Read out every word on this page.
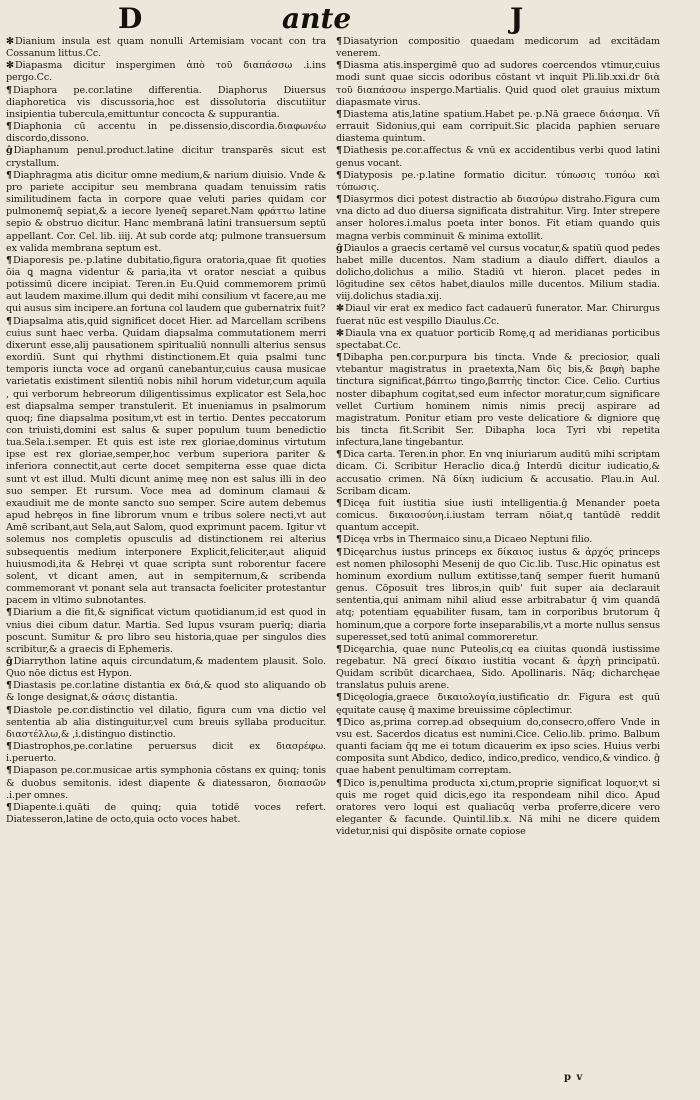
D	ante	J

✻Dianium insula est quam nonulli Artemisiam vocant con tra Cossanum littus.Cc.

✻Diapasma dicitur inspergimen ἀπὸ τοῦ διαπάσσω .i.ins pergo.Cc.

¶Diaphora pe.cor.latine differentia. Diaphorus Diuersus diaphoretica vis discussoria,hoc est dissolutoria discutiitur insipientia tubercula,emittuntur concocta & suppurantia.

¶Diaphonia cū accentu in pe.dissensio,discordia.διαφωνέω discordo,dissono.

ĝDiaphanum penul.product.latine dicitur transparēs sicut est crystallum.

¶Diaphragma atis dicitur omne medium,& narium diuisio. Vnde & pro pariete accipitur seu membrana quadam tenuissim ratis similitudinem facta in corpore quae veluti paries quidam cor pulmonemq̄ sepiat,& a iecore lyeneq̄ separet.Nam φράττω latine sepio & obstruo dicitur. Hanc membranā latini transuersum septū appellant. Cor. Cel. lib. iiij. At sub corde atq; pulmone transuersum ex valida membrana septum est.

¶Diaporesis pe.·p.latine dubitatio,figura oratoria,quae fit quoties ōia ꝗ magna videntur & paria,ita vt orator nesciat a quibus potissimū dicere incipiat. Teren.in Eu.Quid commemorem primū aut laudem maxime.illum qui dedit mihi consilium vt facere,au me qui ausus sim incipere.an fortuna col laudem que gubernatrix fuit?

¶Diapsalma atis,quid significet docet Hier. ad Marcellam scribens cuius sunt haec verba. Quidam diapsalma commutationem merri dixerunt esse,alij pausationem spiritualiū nonnulli alterius sensus exordiū. Sunt qui rhythmi distinctionem.Et quia psalmi tunc temporis iuncta voce ad organū canebantur,cuius causa musicae varietatis existiment silentiū nobis nihil horum videtur,cum aquila , qui verborum hebreorum diligentissimus explicator est Sela,hoc est diapsalma semper transtulerit. Et inueniamus in psalmorum quoq; fine diapsalma positum,vt est in tertio. Dentes peccatorum con triuisti,domini est salus & super populum tuum benedictio tua.Sela.i.semper. Et quis est iste rex gloriae,dominus virtutum ipse est rex gloriae,semper,hoc verbum superiora pariter & inferiora connectit,aut certe docet sempiterna esse quae dicta sunt vt est illud. Multi dicunt animę meę non est salus illi in deo suo semper. Et rursum. Voce mea ad dominum clamaui & exaudiuit me de monte sancto suo semper. Scire autem debemus apud hebręos in fine librorum vnum e tribus solere necti,vt aut Amē scribant,aut Sela,aut Salom, quod exprimunt pacem. Igitur vt solemus nos completis opusculis ad distinctionem rei alterius subsequentis medium interponere Explicit,feliciter,aut aliquid huiusmodi,ita & Hebręi vt quae scripta sunt roborentur facere solent, vt dicant amen, aut in sempiternum,& scribenda commemorant vt ponant sela aut transacta foeliciter protestantur pacem in vltimo subnotantes.

¶Diarium a die fit,& significat victum quotidianum,id est quod in vnius diei cibum datur. Martia. Sed lupus vsuram puerīq; diaria poscunt. Sumitur & pro libro seu historia,quae per singulos dies scribitur,& a graecis di Ephemeris.

ĝDiarrython latine aquis circundatum,& madentem plausit. Solo. Quo nōe dictus est Hypon.

¶Diastasis pe.cor.latine distantia ex διά,& quod sto aliquando ob & longe designat,& σάσις distantia.

¶Diastole pe.cor.distinctio vel dilatio, figura cum vna dictio vel sententia ab alia distinguitur,vel cum breuis syllaba producitur. διαστέλλω,& ,i.distinguo distinctio.

¶Diastrophos,pe.cor.latine peruersus dicit ex διασρέφω. i.peruerto.

¶Diapason pe.cor.musicae artis symphonia cōstans ex quinq; tonis & duobus semitonis. idest diapente & diatessaron, διαπασῶν .i.per omnes.

¶Diapente.i.quāti de quinq; quia totidē voces refert. Diatesseron,latine de octo,quia octo voces habet.

¶Diasatyrion compositio quaedam medicorum ad excitādam venerem.

¶Diasma atis.inspergimē quo ad sudores coercendos vtimur,cuius modi sunt quae siccis odoribus cōstant vt inquit Pli.lib.xxi.dr διὰ τοῦ διαπάσσω inspergo.Martialis. Quid quod olet grauius mixtum diapasmate virus.

¶Diastema atis,latine spatium.Habet pe.·p.Nā graece διάσημα. Vñ errauit Sidonius,qui eam corripuit.Sic placida paphien seruare diastema quintum.

¶Diathesis pe.cor.affectus & vnū ex accidentibus verbi quod latini genus vocant.

¶Diatyposis pe.·p.latine formatio dicitur. τύπωσις τυπόω καὶ τύπωσις.

¶Diasyrmos dici potest distractio ab διασύρω distraho.Figura cum vna dicto ad duo diuersa significata distrahitur. Virg. Inter strepere anser holores.i.malus poeta inter bonos. Fit etiam quando quis magna verbis comminuit & minima extollit.

ĝDiaulos a graecis certamē vel cursus vocatur,& spatiū quod pedes habet mille ducentos. Nam stadium a diaulo differt. diaulos a dolicho,dolichus a milio. Stadiū vt hieron. placet pedes in lōgitudine sex cētos habet,diaulos mille ducentos. Milium stadia. viij.dolichus stadia.xij.

✻Diaul vir erat ex medico fact cadauerū funerator. Mar. Chirurgus fuerat nūc est vespillo Diaulus.Cc.

✻Diaula vna ex quatuor porticib Romę,q ad meridianas porticibus spectabat.Cc.

¶Dibapha pen.cor.purpura bis tincta. Vnde & preciosior, quali vtebantur magistratus in praetexta,Nam δὶς bis,& βαφὴ baphe tinctura significat,βάπτω tingo,βαπτὴς tinctor. Cice. Celio. Curtius noster dibaphum cogitat,sed eum infector moratur,cum significare vellet Curtium hominem nimis nimis precij aspirare ad magistratum. Ponitur etiam pro veste delicatiore & digniore quę bis tincta fit.Scribit Ser. Dibapha loca Tyri vbi repetita infectura,lane tingebantur.

¶Dica carta. Teren.in phor. En vnq iniuriarum auditū mihi scriptam dicam. Ci. Scribitur Heraclio dica.ĝ Interdū dicitur iudicatio,& accusatio crimen. Nā δίκη iudicium & accusatio. Plau.in Aul. Scribam dicam.

¶Dicęa fuit iustitia siue iusti intelligentia.ĝ Menander poeta comicus. δικαιοσύνη.i.iustam terram nōiat,q tantūdē reddit quantum accepit.

¶Dicęa vrbs in Thermaico sinu,a Dicaeo Neptuni filio.

¶Dicęarchus iustus princeps ex δίκαιος iustus & ἀρχός princeps est nomen philosophi Mesenij de quo Cic.lib. Tusc.Hic opinatus est hominum exordium nullum extitisse,tanq̄ semper fuerit humanū genus. Cōposuit tres libros,in quib' fuit super aia declarauit sententia,qui animam nihil aliud esse arbitrabatur q̄ vim quandā atq; potentiam ęquabiliter fusam, tam in corporibus brutorum q̄ hominum,que a corpore forte inseparabilis,vt a morte nullus sensus superesset,sed totū animal commoreretur.

¶Dicęarchia, quae nunc Puteolis,cq ea ciuitas quondā iustissime regebatur. Nā grecí δίκαιο iustitia vocant & ἀρχὴ principatū. Quidam scribūt dicarchaea, Sido. Apollinaris. Nāq; dicharchęae translatus puluis arene.

¶Dicęologia,graece δικαιολογία,iustificatio dr. Figura est quū ęquitate causę q̄ maxime breuissime cōplectimur.

¶Dico as,prima correp.ad obsequium do,consecro,offero Vnde in vsu est. Sacerdos dicatus est numini.Cice. Celio.lib. primo. Balbum quanti faciam q̄q me ei totum dicauerim ex ipso scies. Huius verbi composita sunt Abdico, dedico, indico,predico, vendico,& vindico. ĝ quae habent penultimam correptam.

¶Dico is,penultima producta xi,ctum,proprie significat loquor,vt si quis me roget quid dicis,ego ita respondeam nihil dico. Apud oratores vero loqui est qualiacūq verba proferre,dicere vero eleganter & facunde. Quintil.lib.x. Nā mihi ne dicere quidem videtur,nisi qui dispōsite ornate copiose

p v
